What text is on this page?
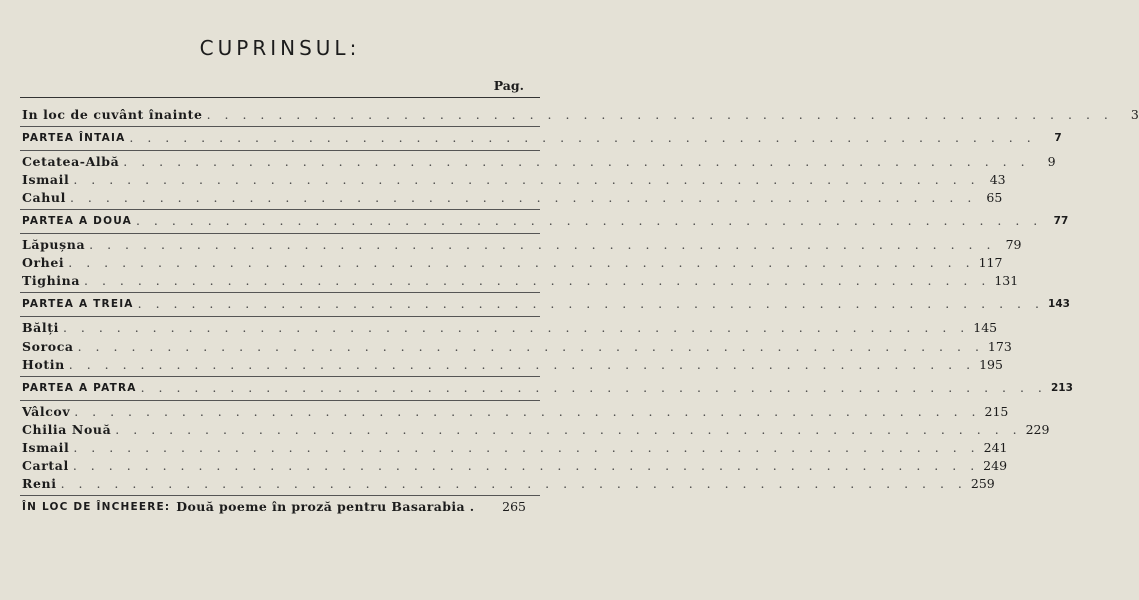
CUPRINSUL:
Pag.
In loc de cuvânt înainte . . . . . . . . . . . . . . . . . . . . . . . . . . . . . . . . . . . . . . . . . . . . . . . . . . .	3
PARTEA ÎNTAIA . . . . . . . . . . . . . . . . . . . . . . . . . . . . . . . . . . . . . . . . . . . . . . . . . . .	7
Cetatea-Albă . . . . . . . . . . . . . . . . . . . . . . . . . . . . . . . . . . . . . . . . . . . . . . . . . . .	9
Ismail . . . . . . . . . . . . . . . . . . . . . . . . . . . . . . . . . . . . . . . . . . . . . . . . . . . 43
Cahul . . . . . . . . . . . . . . . . . . . . . . . . . . . . . . . . . . . . . . . . . . . . . . . . . . . 65
PARTEA A DOUA . . . . . . . . . . . . . . . . . . . . . . . . . . . . . . . . . . . . . . . . . . . . . . . . . . .	77
Lăpușna . . . . . . . . . . . . . . . . . . . . . . . . . . . . . . . . . . . . . . . . . . . . . . . . . . . 79
Orhei . . . . . . . . . . . . . . . . . . . . . . . . . . . . . . . . . . . . . . . . . . . . . . . . . . . 117
Tighina . . . . . . . . . . . . . . . . . . . . . . . . . . . . . . . . . . . . . . . . . . . . . . . . . . . 131
PARTEA A TREIA . . . . . . . . . . . . . . . . . . . . . . . . . . . . . . . . . . . . . . . . . . . . . . . . . . . 143
Bălți . . . . . . . . . . . . . . . . . . . . . . . . . . . . . . . . . . . . . . . . . . . . . . . . . . . 145
Soroca . . . . . . . . . . . . . . . . . . . . . . . . . . . . . . . . . . . . . . . . . . . . . . . . . . . 173
Hotin . . . . . . . . . . . . . . . . . . . . . . . . . . . . . . . . . . . . . . . . . . . . . . . . . . . 195
PARTEA A PATRA . . . . . . . . . . . . . . . . . . . . . . . . . . . . . . . . . . . . . . . . . . . . . . . . . . . 213
Vâlcov . . . . . . . . . . . . . . . . . . . . . . . . . . . . . . . . . . . . . . . . . . . . . . . . . . . 215
Chilia Nouă . . . . . . . . . . . . . . . . . . . . . . . . . . . . . . . . . . . . . . . . . . . . . . . . . . . 229
Ismail . . . . . . . . . . . . . . . . . . . . . . . . . . . . . . . . . . . . . . . . . . . . . . . . . . . 241
Cartal . . . . . . . . . . . . . . . . . . . . . . . . . . . . . . . . . . . . . . . . . . . . . . . . . . . 249
Reni . . . . . . . . . . . . . . . . . . . . . . . . . . . . . . . . . . . . . . . . . . . . . . . . . . . 259
ÎN LOC DE ÎNCHEERE : Două poeme în proză pentru Basarabia . 265
